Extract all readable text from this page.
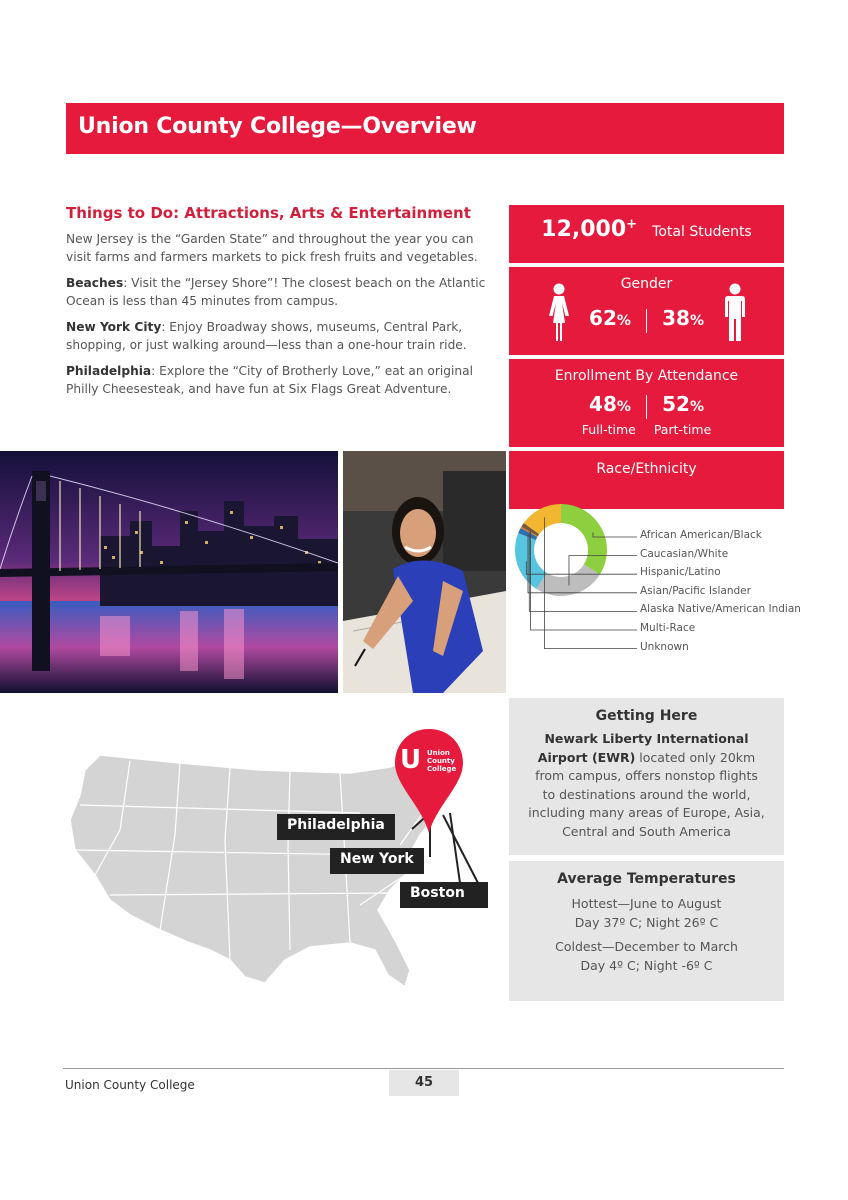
Union County College—Overview
Things to Do: Attractions, Arts & Entertainment

New Jersey is the “Garden State” and throughout the year you can visit farms and farmers markets to pick fresh fruits and vegetables.

Beaches: Visit the “Jersey Shore”! The closest beach on the Atlantic Ocean is less than 45 minutes from campus.

New York City: Enjoy Broadway shows, museums, Central Park, shopping, or just walking around—less than a one-hour train ride.

Philadelphia: Explore the “City of Brotherly Love,” eat an original Philly Cheesesteak, and have fun at Six Flags Great Adventure.

12,000+ Total Students
Gender
62% 38%
Enrollment By Attendance
48% 52%
Full-time Part-time
Race/Ethnicity
African American/Black
Caucasian/White
Hispanic/Latino
Asian/Pacific Islander
Alaska Native/American Indian
Multi-Race
Unknown
U Union
County
College
Philadelphia
New York
Boston
Getting Here

Newark Liberty International Airport (EWR) located only 20km from campus, offers nonstop flights to destinations around the world, including many areas of Europe, Asia, Central and South America

Average Temperatures

Hottest—June to August
Day 37º C; Night 26º C

Coldest—December to March
Day 4º C; Night -6º C

Union County College	45
